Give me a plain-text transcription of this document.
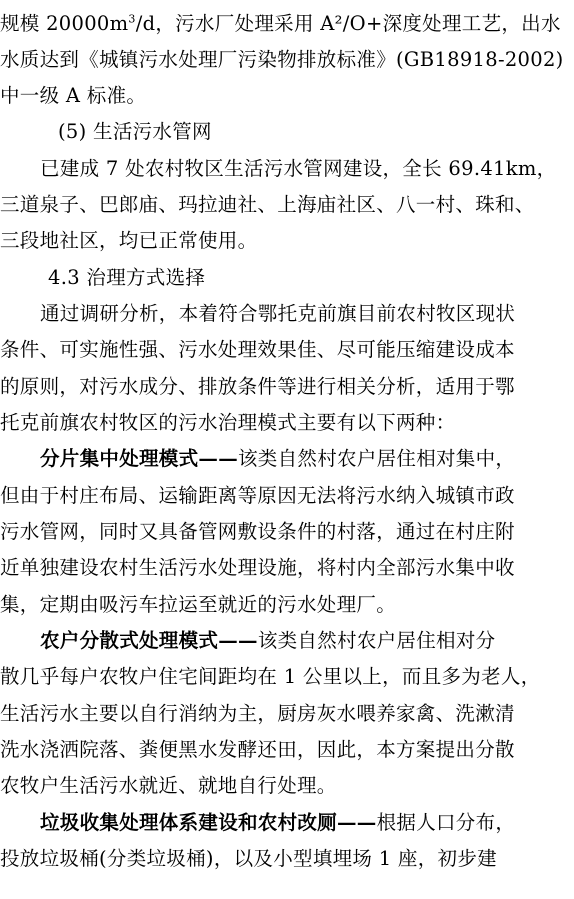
规模 $20000m^3/d$，污水厂处理采用 A²/O+深度处理工艺，出水
水质达到《城镇污水处理厂污染物排放标准》(GB18918-2002)
中一级 A 标准。
(5) 生活污水管网
已建成 7 处农村牧区生活污水管网建设，全长 69.41km，
三道泉子、巴郎庙、玛拉迪社、上海庙社区、八一村、珠和、
三段地社区，均已正常使用。
4.3 治理方式选择
通过调研分析，本着符合鄂托克前旗目前农村牧区现状
条件、可实施性强、污水处理效果佳、尽可能压缩建设成本
的原则，对污水成分、排放条件等进行相关分析，适用于鄂
托克前旗农村牧区的污水治理模式主要有以下两种：
分片集中处理模式——该类自然村农户居住相对集中，
但由于村庄布局、运输距离等原因无法将污水纳入城镇市政
污水管网，同时又具备管网敷设条件的村落，通过在村庄附
近单独建设农村生活污水处理设施，将村内全部污水集中收
集，定期由吸污车拉运至就近的污水处理厂。
农户分散式处理模式——该类自然村农户居住相对分
散几乎每户农牧户住宅间距均在 1 公里以上，而且多为老人，
生活污水主要以自行消纳为主，厨房灰水喂养家禽、洗漱清
洗水浇洒院落、粪便黑水发酵还田，因此，本方案提出分散
农牧户生活污水就近、就地自行处理。
垃圾收集处理体系建设和农村改厕——根据人口分布，
投放垃圾桶(分类垃圾桶)，以及小型填埋场 1 座，初步建
